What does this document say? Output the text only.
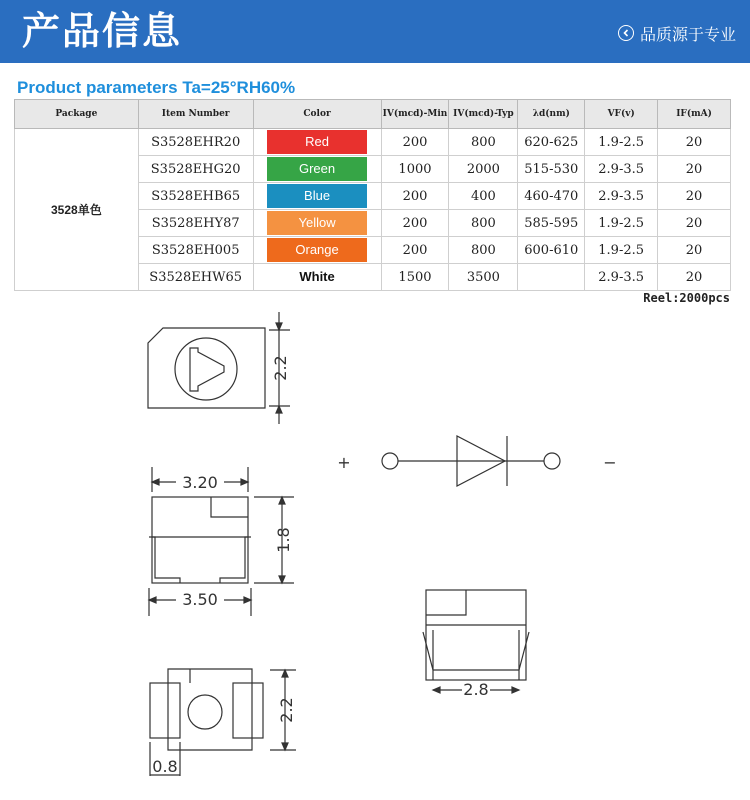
产品信息	品质源于专业
Product parameters Ta=25°RH60%
Package	Item Number	Color	IV(mcd)-Min	IV(mcd)-Typ	λd(nm)	VF(v)	IF(mA)
3528单色	S3528EHR20	Red	200	800	620-625	1.9-2.5	20
	S3528EHG20	Green	1000	2000	515-530	2.9-3.5	20
	S3528EHB65	Blue	200	400	460-470	2.9-3.5	20
	S3528EHY87	Yellow	200	800	585-595	1.9-2.5	20
	S3528EH005	Orange	200	800	600-610	1.9-2.5	20
	S3528EHW65	White	1500	3500		2.9-3.5	20
Reel:2000pcs
+	−
2.2
3.20
1.8
3.50
2.8
2.2
0.8
